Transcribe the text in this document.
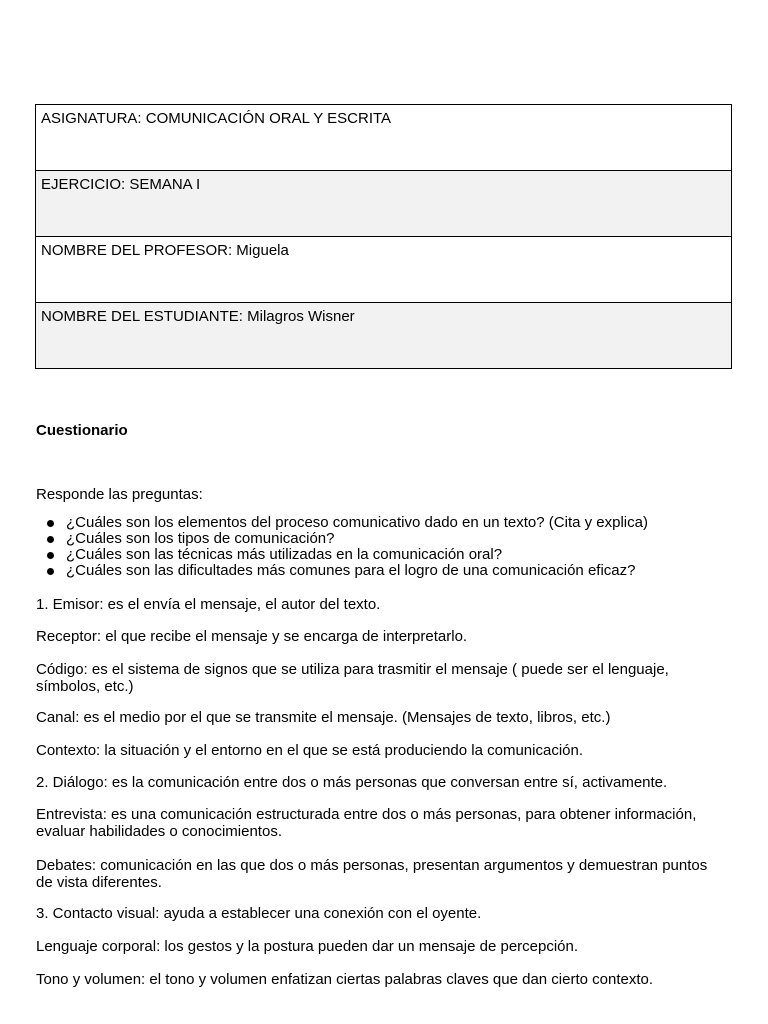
ASIGNATURA: COMUNICACIÓN ORAL Y ESCRITA
EJERCICIO: SEMANA I
NOMBRE DEL PROFESOR: Miguela
NOMBRE DEL ESTUDIANTE: Milagros Wisner

Cuestionario

Responde las preguntas:

¿Cuáles son los elementos del proceso comunicativo dado en un texto? (Cita y explica)
¿Cuáles son los tipos de comunicación?
¿Cuáles son las técnicas más utilizadas en la comunicación oral?
¿Cuáles son las dificultades más comunes para el logro de una comunicación eficaz?

1. Emisor: es el envía el mensaje, el autor del texto.

Receptor: el que recibe el mensaje y se encarga de interpretarlo.

Código: es el sistema de signos que se utiliza para trasmitir el mensaje ( puede ser el lenguaje,

símbolos, etc.)

Canal: es el medio por el que se transmite el mensaje. (Mensajes de texto, libros, etc.)

Contexto: la situación y el entorno en el que se está produciendo la comunicación.

2. Diálogo: es la comunicación entre dos o más personas que conversan entre sí, activamente.

Entrevista: es una comunicación estructurada entre dos o más personas, para obtener información,

evaluar habilidades o conocimientos.

Debates: comunicación en las que dos o más personas, presentan argumentos y demuestran puntos

de vista diferentes.

3. Contacto visual: ayuda a establecer una conexión con el oyente.

Lenguaje corporal: los gestos y la postura pueden dar un mensaje de percepción.

Tono y volumen: el tono y volumen enfatizan ciertas palabras claves que dan cierto contexto.
